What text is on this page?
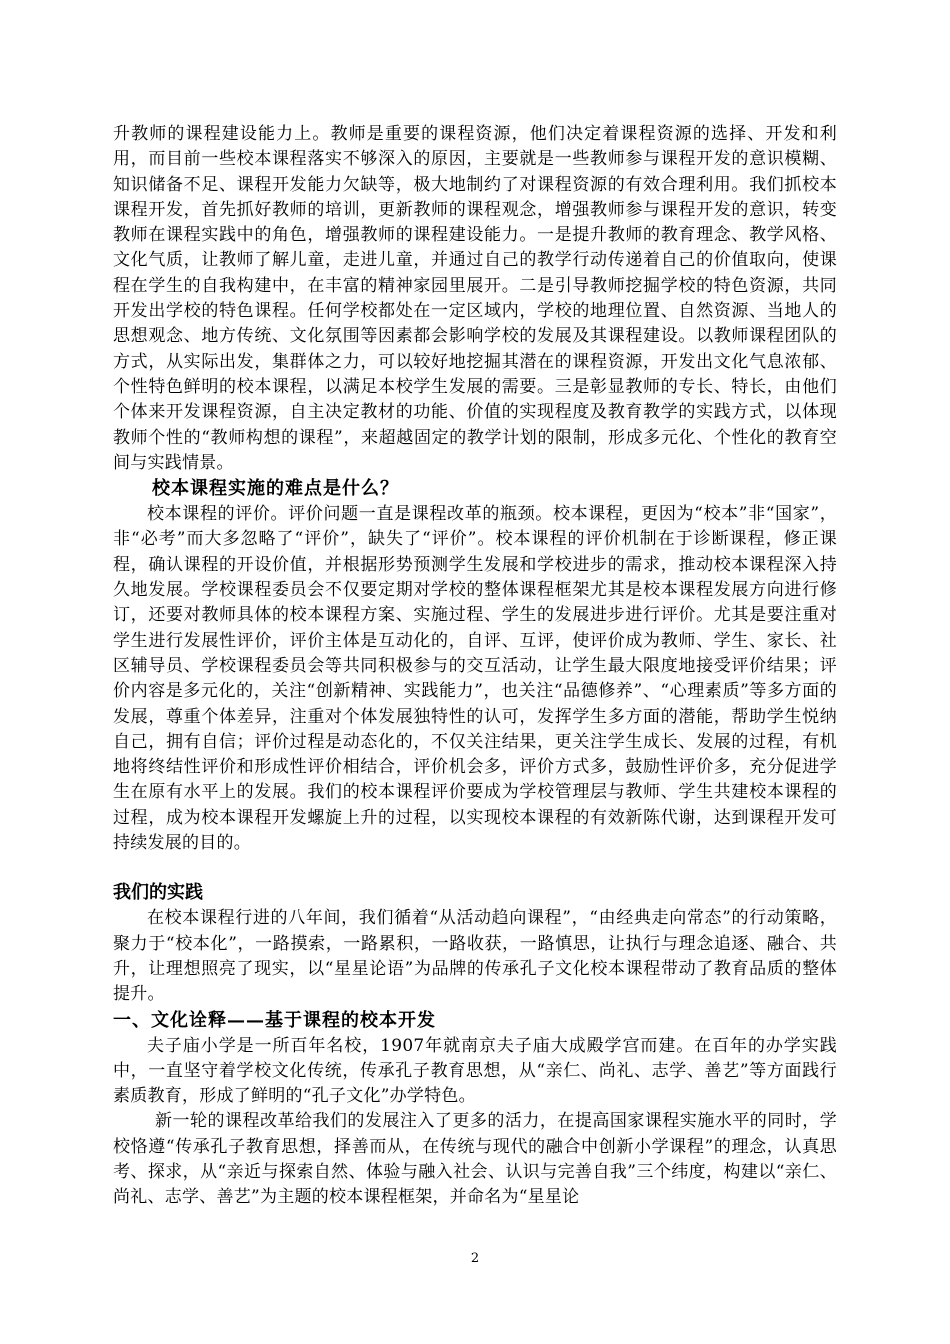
升教师的课程建设能力上。教师是重要的课程资源，他们决定着课程资源的选择、开发和利用，而目前一些校本课程落实不够深入的原因，主要就是一些教师参与课程开发的意识模糊、知识储备不足、课程开发能力欠缺等，极大地制约了对课程资源的有效合理利用。我们抓校本课程开发，首先抓好教师的培训，更新教师的课程观念，增强教师参与课程开发的意识，转变教师在课程实践中的角色，增强教师的课程建设能力。一是提升教师的教育理念、教学风格、文化气质，让教师了解儿童，走进儿童，并通过自己的教学行动传递着自己的价值取向，使课程在学生的自我构建中，在丰富的精神家园里展开。二是引导教师挖掘学校的特色资源，共同开发出学校的特色课程。任何学校都处在一定区域内，学校的地理位置、自然资源、当地人的思想观念、地方传统、文化氛围等因素都会影响学校的发展及其课程建设。以教师课程团队的方式，从实际出发，集群体之力，可以较好地挖掘其潜在的课程资源，开发出文化气息浓郁、个性特色鲜明的校本课程，以满足本校学生发展的需要。三是彰显教师的专长、特长，由他们个体来开发课程资源，自主决定教材的功能、价值的实现程度及教育教学的实践方式，以体现教师个性的“教师构想的课程”，来超越固定的教学计划的限制，形成多元化、个性化的教育空间与实践情景。

校本课程实施的难点是什么？

校本课程的评价。评价问题一直是课程改革的瓶颈。校本课程，更因为“校本”非“国家”，非“必考”而大多忽略了“评价”，缺失了“评价”。校本课程的评价机制在于诊断课程，修正课程，确认课程的开设价值，并根据形势预测学生发展和学校进步的需求，推动校本课程深入持久地发展。学校课程委员会不仅要定期对学校的整体课程框架尤其是校本课程发展方向进行修订，还要对教师具体的校本课程方案、实施过程、学生的发展进步进行评价。尤其是要注重对学生进行发展性评价，评价主体是互动化的，自评、互评，使评价成为教师、学生、家长、社区辅导员、学校课程委员会等共同积极参与的交互活动，让学生最大限度地接受评价结果；评价内容是多元化的，关注“创新精神、实践能力”，也关注“品德修养”、“心理素质”等多方面的发展，尊重个体差异，注重对个体发展独特性的认可，发挥学生多方面的潜能，帮助学生悦纳自己，拥有自信；评价过程是动态化的，不仅关注结果，更关注学生成长、发展的过程，有机地将终结性评价和形成性评价相结合，评价机会多，评价方式多，鼓励性评价多，充分促进学生在原有水平上的发展。我们的校本课程评价要成为学校管理层与教师、学生共建校本课程的过程，成为校本课程开发螺旋上升的过程，以实现校本课程的有效新陈代谢，达到课程开发可持续发展的目的。

我们的实践

在校本课程行进的八年间，我们循着“从活动趋向课程”，“由经典走向常态”的行动策略，聚力于“校本化”，一路摸索，一路累积，一路收获，一路慎思，让执行与理念追逐、融合、共升，让理想照亮了现实，以“星星论语”为品牌的传承孔子文化校本课程带动了教育品质的整体提升。

一、文化诠释——基于课程的校本开发

夫子庙小学是一所百年名校，1907年就南京夫子庙大成殿学宫而建。在百年的办学实践中，一直坚守着学校文化传统，传承孔子教育思想，从“亲仁、尚礼、志学、善艺”等方面践行素质教育，形成了鲜明的“孔子文化”办学特色。

新一轮的课程改革给我们的发展注入了更多的活力，在提高国家课程实施水平的同时，学校恪遵“传承孔子教育思想，择善而从，在传统与现代的融合中创新小学课程”的理念，认真思考、探求，从“亲近与探索自然、体验与融入社会、认识与完善自我”三个纬度，构建以“亲仁、尚礼、志学、善艺”为主题的校本课程框架，并命名为“星星论

2
